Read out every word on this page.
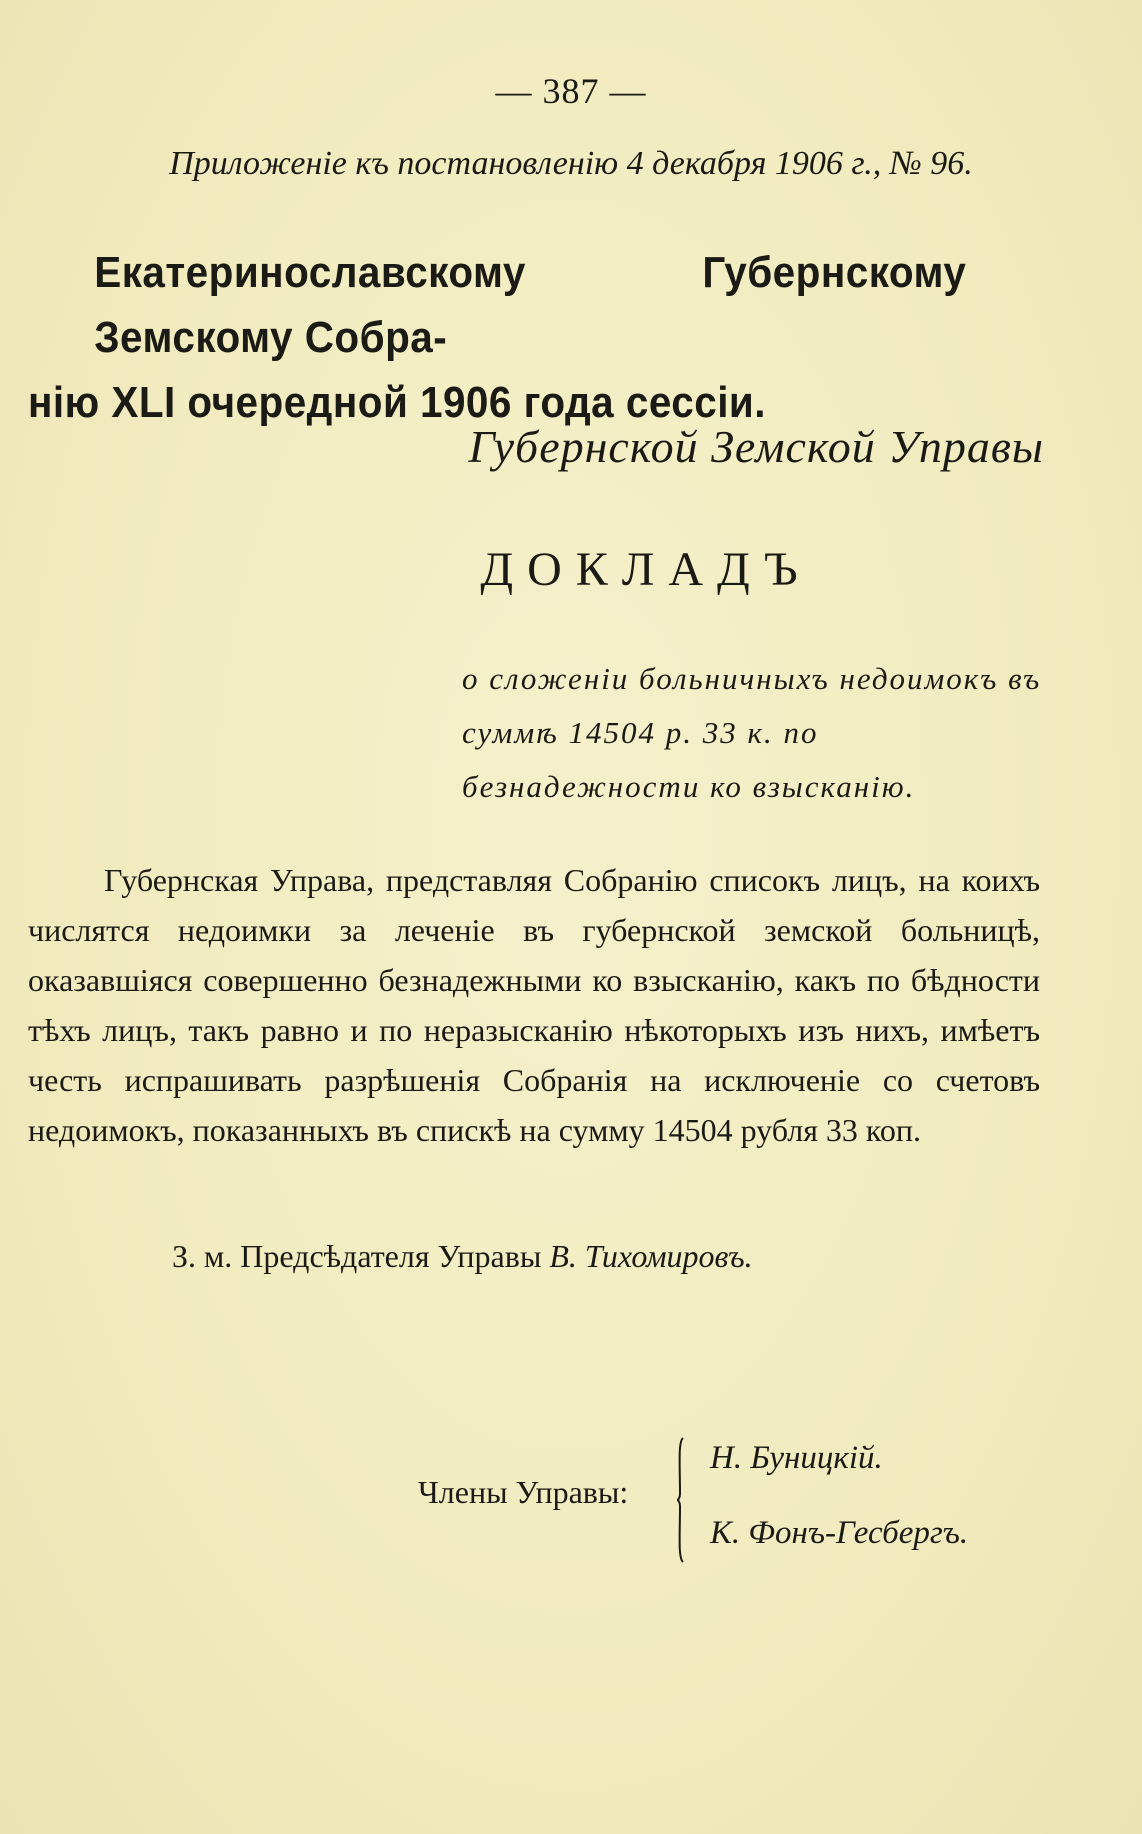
— 387 —
Приложеніе къ постановленію 4 декабря 1906 г., № 96.
Екатеринославскому Губернскому Земскому Собра-
нію XLI очередной 1906 года сессіи.
Губернской Земской Управы
ДОКЛАДЪ
о сложеніи больничныхъ недоимокъ въ суммѣ 14504 р. 33 к. по безнадежности ко взысканію.
Губернская Управа, представляя Собранію списокъ лицъ, на коихъ числятся недоимки за леченіе въ губернской земской больницѣ, оказавшіяся совершенно безнадежными ко взысканію, какъ по бѣдности тѣхъ лицъ, такъ равно и по неразысканію нѣкоторыхъ изъ нихъ, имѣетъ честь испрашивать разрѣшенія Собранія на исключеніе со счетовъ недоимокъ, показанныхъ въ спискѣ на сумму 14504 рубля 33 коп.
З. м. Предсѣдателя Управы В. Тихомировъ.
Члены Управы:
Н. Буницкій.
К. Фонъ-Гесбергъ.
